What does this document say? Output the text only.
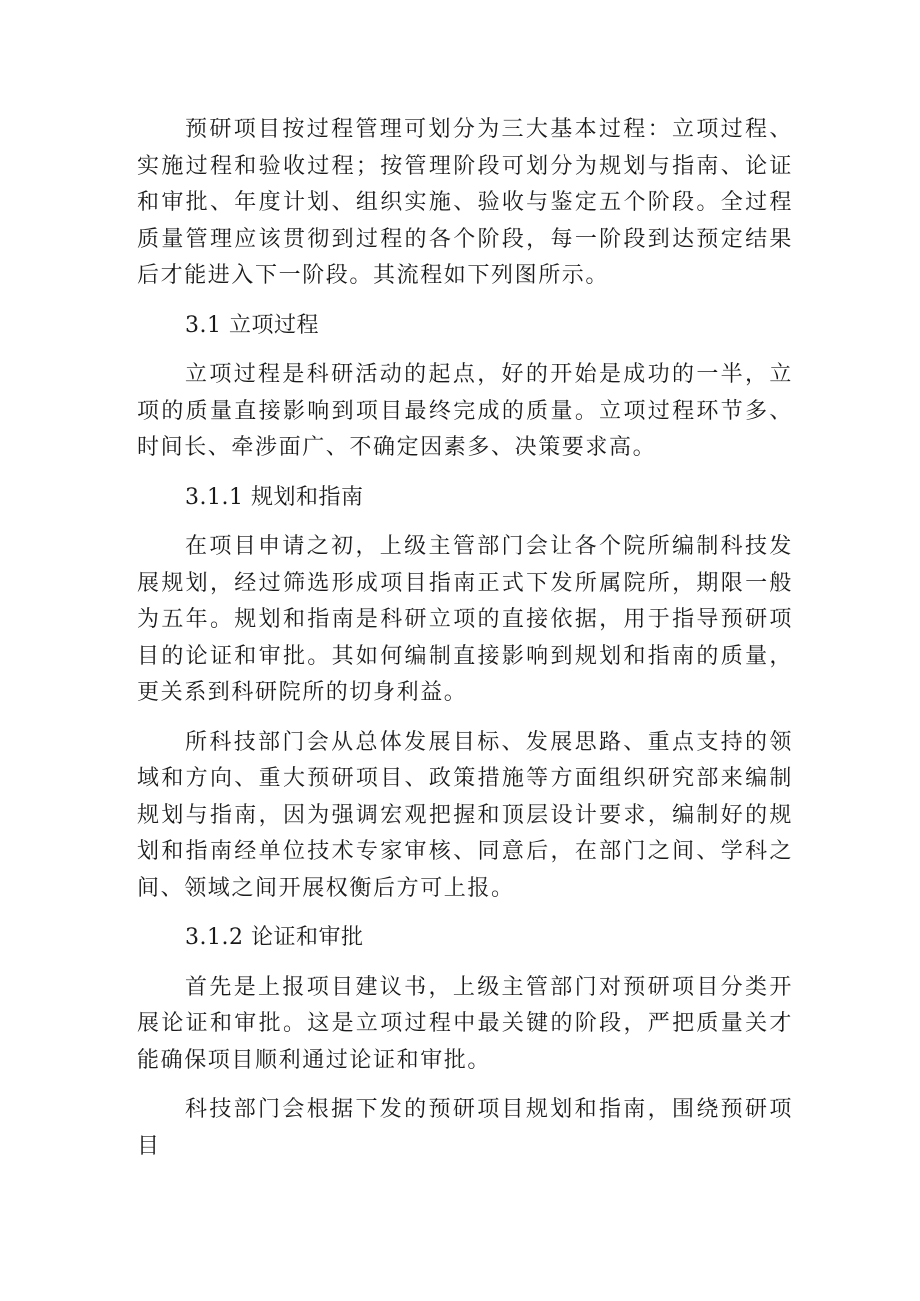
预研项目按过程管理可划分为三大基本过程：立项过程、实施过程和验收过程；按管理阶段可划分为规划与指南、论证和审批、年度计划、组织实施、验收与鉴定五个阶段。全过程质量管理应该贯彻到过程的各个阶段，每一阶段到达预定结果后才能进入下一阶段。其流程如下列图所示。

3.1 立项过程

立项过程是科研活动的起点，好的开始是成功的一半，立项的质量直接影响到项目最终完成的质量。立项过程环节多、时间长、牵涉面广、不确定因素多、决策要求高。

3.1.1 规划和指南

在项目申请之初，上级主管部门会让各个院所编制科技发展规划，经过筛选形成项目指南正式下发所属院所，期限一般为五年。规划和指南是科研立项的直接依据，用于指导预研项目的论证和审批。其如何编制直接影响到规划和指南的质量，更关系到科研院所的切身利益。

所科技部门会从总体发展目标、发展思路、重点支持的领域和方向、重大预研项目、政策措施等方面组织研究部来编制规划与指南，因为强调宏观把握和顶层设计要求，编制好的规划和指南经单位技术专家审核、同意后，在部门之间、学科之间、领域之间开展权衡后方可上报。

3.1.2 论证和审批

首先是上报项目建议书，上级主管部门对预研项目分类开展论证和审批。这是立项过程中最关键的阶段，严把质量关才能确保项目顺利通过论证和审批。

科技部门会根据下发的预研项目规划和指南，围绕预研项目
